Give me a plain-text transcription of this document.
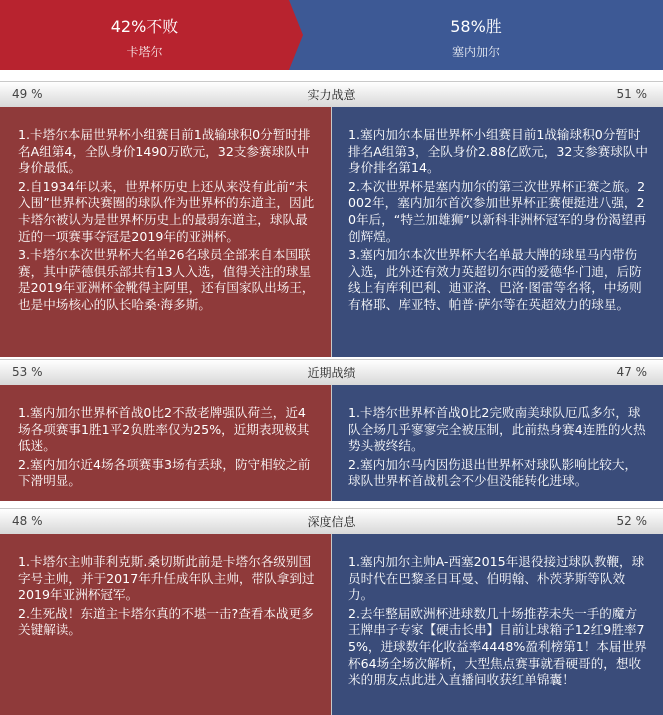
42%不败
卡塔尔
58%胜
塞内加尔
49 %	实力战意	51 %

1.卡塔尔本届世界杯小组赛目前1战输球积0分暂时排名A组第4，全队身价1490万欧元，32支参赛球队中身价最低。

2.自1934年以来，世界杯历史上还从来没有此前“未入围”世界杯决赛圈的球队作为世界杯的东道主，因此卡塔尔被认为是世界杯历史上的最弱东道主，球队最近的一项赛事夺冠是2019年的亚洲杯。

3.卡塔尔本次世界杯大名单26名球员全部来自本国联赛，其中萨德俱乐部共有13人入选，值得关注的球星是2019年亚洲杯金靴得主阿里，还有国家队出场王，也是中场核心的队长哈桑·海多斯。

1.塞内加尔本届世界杯小组赛目前1战输球积0分暂时排名A组第3，全队身价2.88亿欧元，32支参赛球队中身价排名第14。

2.本次世界杯是塞内加尔的第三次世界杯正赛之旅。2002年，塞内加尔首次参加世界杯正赛便挺进八强，20年后，“特兰加雄狮”以新科非洲杯冠军的身份渴望再创辉煌。

3.塞内加尔本次世界杯大名单最大牌的球星马内带伤入选，此外还有效力英超切尔西的爱德华·门迪，后防线上有库利巴利、迪亚洛、巴洛·图雷等名将，中场则有格耶、库亚特、帕普·萨尔等在英超效力的球星。

53 %	近期战绩	47 %

1.塞内加尔世界杯首战0比2不敌老牌强队荷兰，近4场各项赛事1胜1平2负胜率仅为25%，近期表现极其低迷。

2.塞内加尔近4场各项赛事3场有丢球，防守相较之前下滑明显。

1.卡塔尔世界杯首战0比2完败南美球队厄瓜多尔，球队全场几乎寥寥完全被压制，此前热身赛4连胜的火热势头被终结。

2.塞内加尔马内因伤退出世界杯对球队影响比较大，球队世界杯首战机会不少但没能转化进球。

48 %	深度信息	52 %

1.卡塔尔主帅菲利克斯.桑切斯此前是卡塔尔各级别国字号主帅，并于2017年升任成年队主帅，带队拿到过2019年亚洲杯冠军。

2.生死战！东道主卡塔尔真的不堪一击?查看本战更多关键解读。

1.塞内加尔主帅A-西塞2015年退役接过球队教鞭，球员时代在巴黎圣日耳曼、伯明翰、朴茨茅斯等队效力。

2.去年整届欧洲杯进球数几十场推荐未失一手的魔方王牌串子专家【硬击长串】目前让球箱子12红9胜率75%，进球数年化收益率4448%盈利榜第1！本届世界杯64场全场次解析，大型焦点赛事就看硬哥的，想收米的朋友点此进入直播间收获红单锦囊！
